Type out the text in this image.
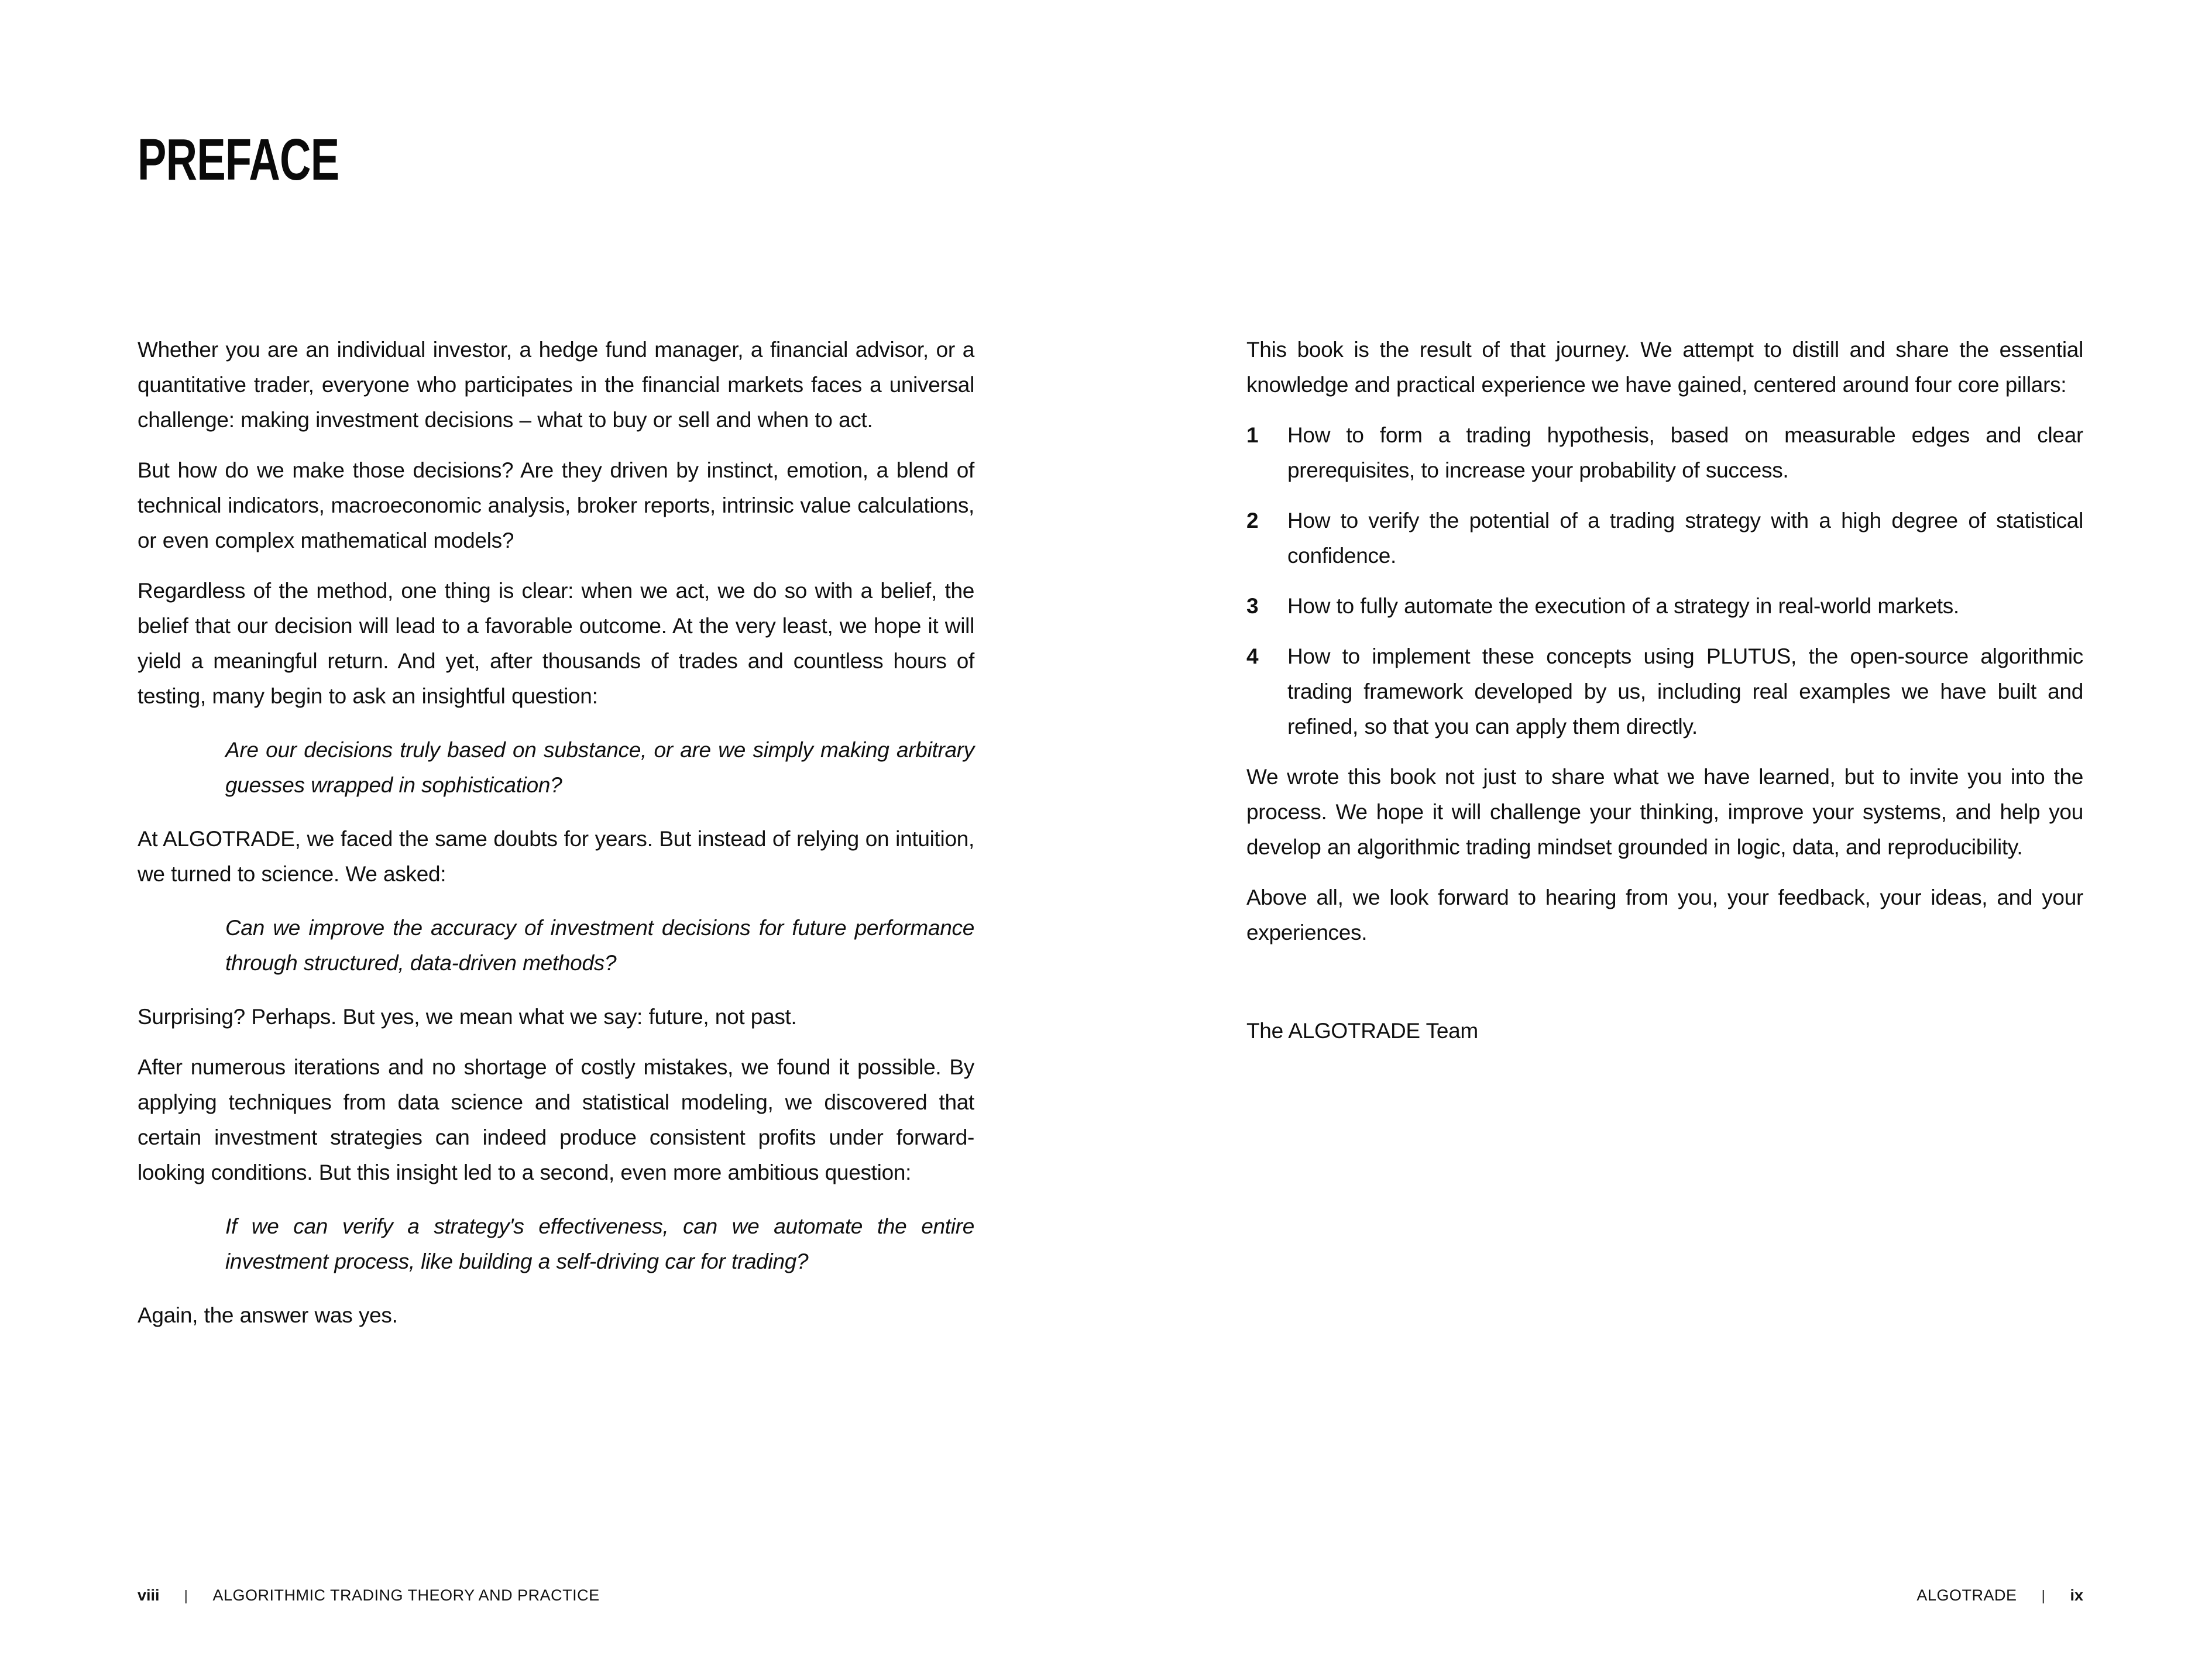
PREFACE

Whether you are an individual investor, a hedge fund manager, a financial advisor, or a quantitative trader, everyone who participates in the financial markets faces a universal challenge: making investment decisions – what to buy or sell and when to act.

But how do we make those decisions? Are they driven by instinct, emotion, a blend of technical indicators, macroeconomic analysis, broker reports, intrinsic value calculations, or even complex mathematical models?

Regardless of the method, one thing is clear: when we act, we do so with a belief, the belief that our decision will lead to a favorable outcome. At the very least, we hope it will yield a meaningful return. And yet, after thousands of trades and countless hours of testing, many begin to ask an insightful question:

Are our decisions truly based on substance, or are we simply making arbitrary guesses wrapped in sophistication?

At ALGOTRADE, we faced the same doubts for years. But instead of relying on intuition, we turned to science. We asked:

Can we improve the accuracy of investment decisions for future performance through structured, data-driven methods?

Surprising? Perhaps. But yes, we mean what we say: future, not past.

After numerous iterations and no shortage of costly mistakes, we found it possible. By applying techniques from data science and statistical modeling, we discovered that certain investment strategies can indeed produce consistent profits under forward-looking conditions. But this insight led to a second, even more ambitious question:

If we can verify a strategy's effectiveness, can we automate the entire investment process, like building a self-driving car for trading?

Again, the answer was yes.

This book is the result of that journey. We attempt to distill and share the essential knowledge and practical experience we have gained, centered around four core pillars:

1	How to form a trading hypothesis, based on measurable edges and clear prerequisites, to increase your probability of success.

2	How to verify the potential of a trading strategy with a high degree of statistical confidence.

3	How to fully automate the execution of a strategy in real-world markets.

4	How to implement these concepts using PLUTUS, the open-source algorithmic trading framework developed by us, including real examples we have built and refined, so that you can apply them directly.

We wrote this book not just to share what we have learned, but to invite you into the process. We hope it will challenge your thinking, improve your systems, and help you develop an algorithmic trading mindset grounded in logic, data, and reproducibility.

Above all, we look forward to hearing from you, your feedback, your ideas, and your experiences.

The ALGOTRADE Team

viii | ALGORITHMIC TRADING THEORY AND PRACTICE	ALGOTRADE | ix
